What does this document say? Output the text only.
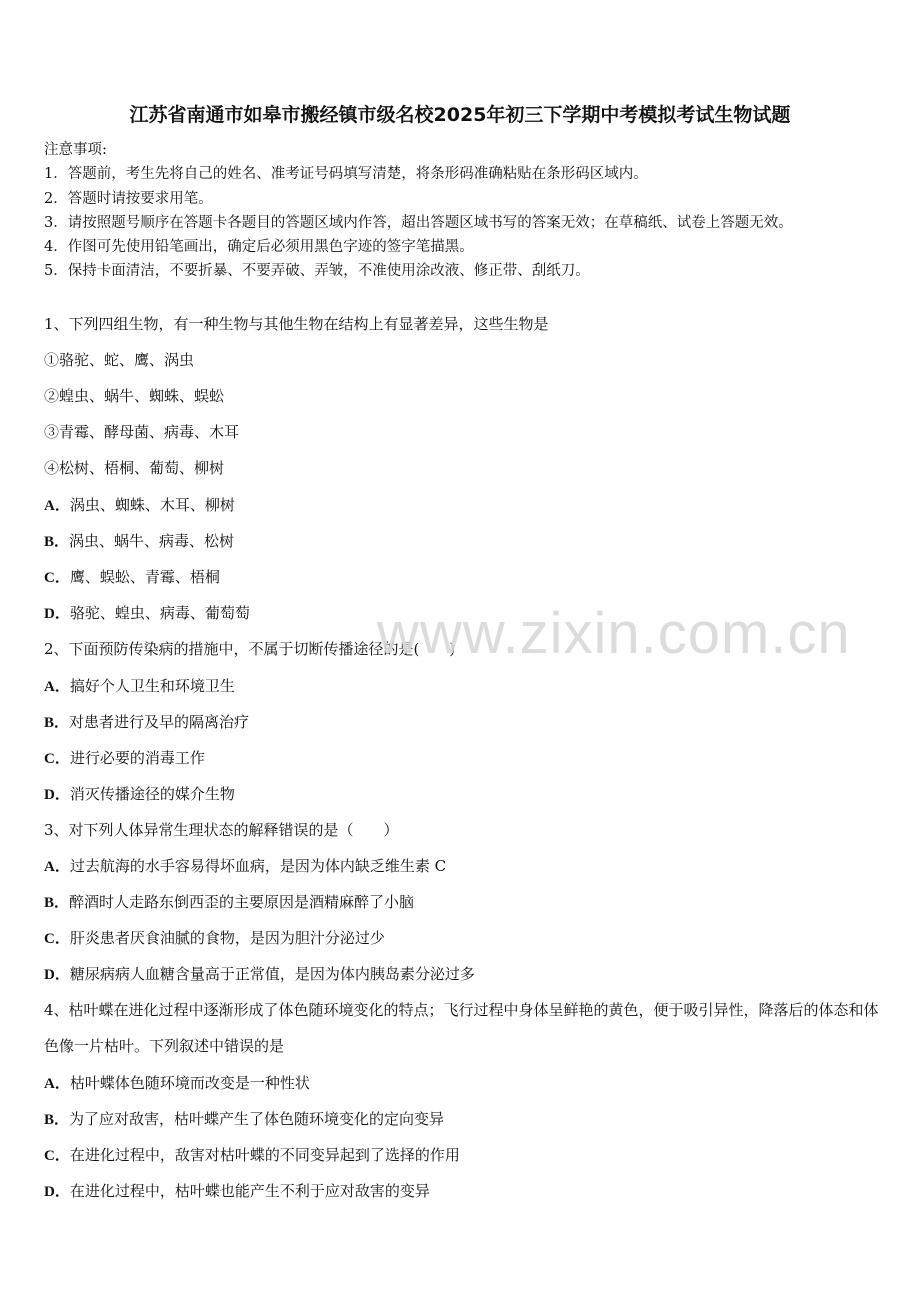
江苏省南通市如皋市搬经镇市级名校2025年初三下学期中考模拟考试生物试题
注意事项:
1．答题前，考生先将自己的姓名、准考证号码填写清楚，将条形码准确粘贴在条形码区域内。
2．答题时请按要求用笔。
3．请按照题号顺序在答题卡各题目的答题区域内作答，超出答题区域书写的答案无效；在草稿纸、试卷上答题无效。
4．作图可先使用铅笔画出，确定后必须用黑色字迹的签字笔描黑。
5．保持卡面清洁，不要折暴、不要弄破、弄皱，不准使用涂改液、修正带、刮纸刀。
1、下列四组生物，有一种生物与其他生物在结构上有显著差异，这些生物是
①骆驼、蛇、鹰、涡虫
②蝗虫、蜗牛、蜘蛛、蜈蚣
③青霉、酵母菌、病毒、木耳
④松树、梧桐、葡萄、柳树
A．涡虫、蜘蛛、木耳、柳树
B．涡虫、蜗牛、病毒、松树
C．鹰、蜈蚣、青霉、梧桐
D．骆驼、蝗虫、病毒、葡萄萄
2、下面预防传染病的措施中，不属于切断传播途径的是(　　)
A．搞好个人卫生和环境卫生
B．对患者进行及早的隔离治疗
C．进行必要的消毒工作
D．消灭传播途径的媒介生物
3、对下列人体异常生理状态的解释错误的是（　　）
A．过去航海的水手容易得坏血病，是因为体内缺乏维生素 C
B．醉酒时人走路东倒西歪的主要原因是酒精麻醉了小脑
C．肝炎患者厌食油腻的食物，是因为胆汁分泌过少
D．糖尿病病人血糖含量高于正常值，是因为体内胰岛素分泌过多
4、枯叶蝶在进化过程中逐渐形成了体色随环境变化的特点；飞行过程中身体呈鲜艳的黄色，便于吸引异性，降落后的体态和体色像一片枯叶。下列叙述中错误的是
A．枯叶蝶体色随环境而改变是一种性状
B．为了应对敌害，枯叶蝶产生了体色随环境变化的定向变异
C．在进化过程中，敌害对枯叶蝶的不同变异起到了选择的作用
D．在进化过程中，枯叶蝶也能产生不利于应对敌害的变异
www.zixin.com.cn
